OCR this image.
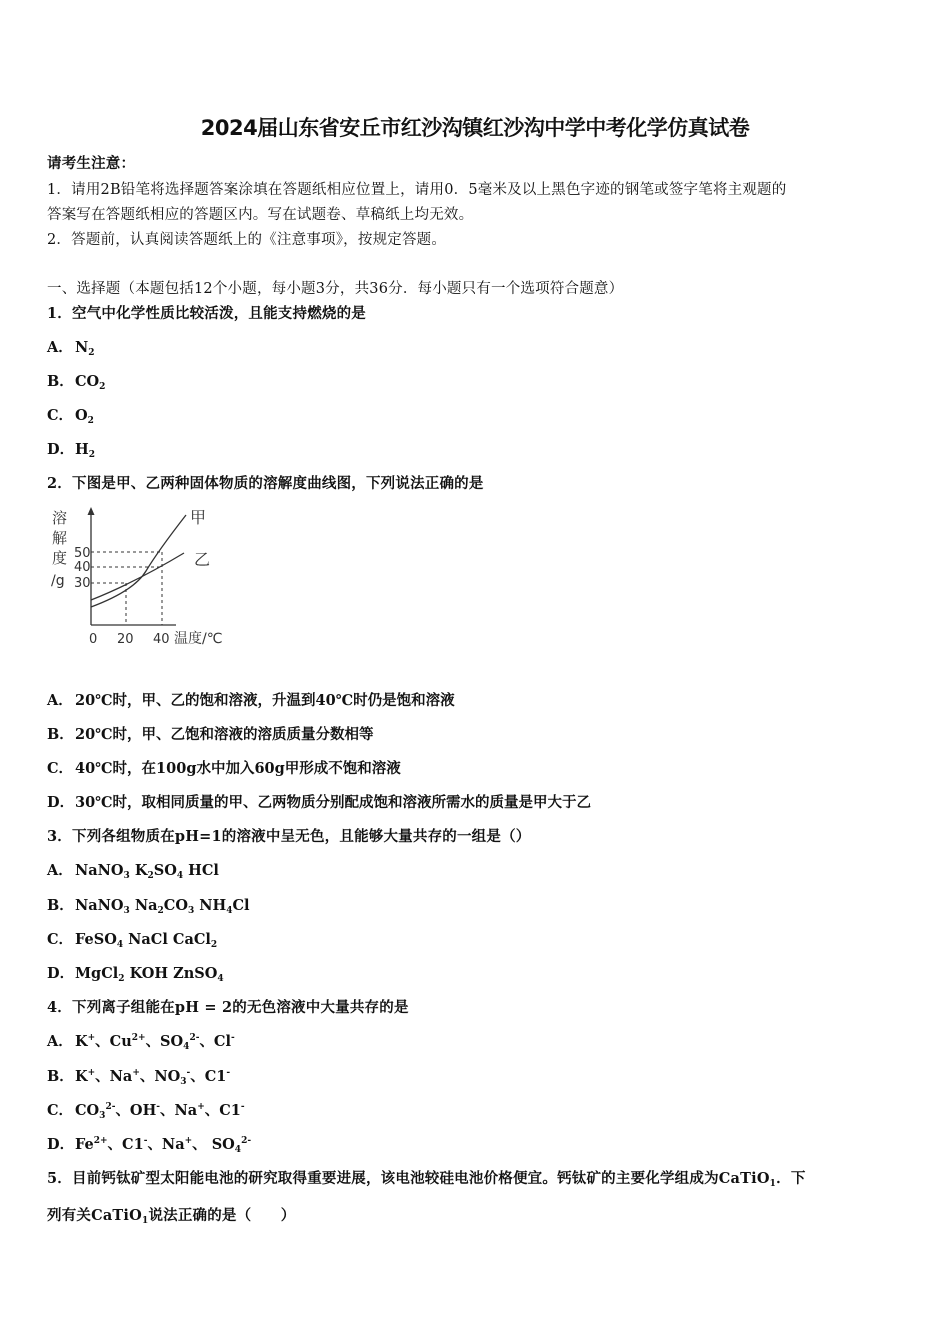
2024届山东省安丘市红沙沟镇红沙沟中学中考化学仿真试卷
请考生注意：
1．请用2B铅笔将选择题答案涂填在答题纸相应位置上，请用0．5毫米及以上黑色字迹的钢笔或签字笔将主观题的
答案写在答题纸相应的答题区内。写在试题卷、草稿纸上均无效。
2．答题前，认真阅读答题纸上的《注意事项》，按规定答题。
一、选择题（本题包括12个小题，每小题3分，共36分．每小题只有一个选项符合题意）
1．空气中化学性质比较活泼，且能支持燃烧的是
A． $N_2$
B．$CO_2$
C． $O_2$
D．$H_2$
2．下图是甲、乙两种固体物质的溶解度曲线图，下列说法正确的是
溶
解
度
/g
50
40
30
甲
乙
0 20 40 温度/℃
A． 20℃时，甲、乙的饱和溶液，升温到40℃时仍是饱和溶液
B．20℃时，甲、乙饱和溶液的溶质质量分数相等
C． 40℃时，在100g水中加入60g甲形成不饱和溶液
D．30℃时，取相同质量的甲、乙两物质分别配成饱和溶液所需水的质量是甲大于乙
3．下列各组物质在pH=1的溶液中呈无色，且能够大量共存的一组是（）
A． NaNO$_3$ $K_2SO_4$ HCl
B．NaNO$_3$ $Na_2CO_3$ $NH_4Cl$
C． FeSO$_4$ NaCl CaCl$_2$
D．MgCl$_2$ KOH ZnSO$_4$
4．下列离子组能在pH = 2的无色溶液中大量共存的是
A． K+、$Cu^{2+}$、$SO_4^{2-}$、Cl-
B．K+、Na+、$NO_3^-$、C1-
C． $CO_3^{2-}$、OH-、Na+、C1-
D．$Fe^{2+}$、C1-、Na+、 $SO_4^{2-}$
5．目前钙钛矿型太阳能电池的研究取得重要进展，该电池较硅电池价格便宜。钙钛矿的主要化学组成为CaTiO$_1$．下
列有关CaTiO$_1$说法正确的是（　　）
